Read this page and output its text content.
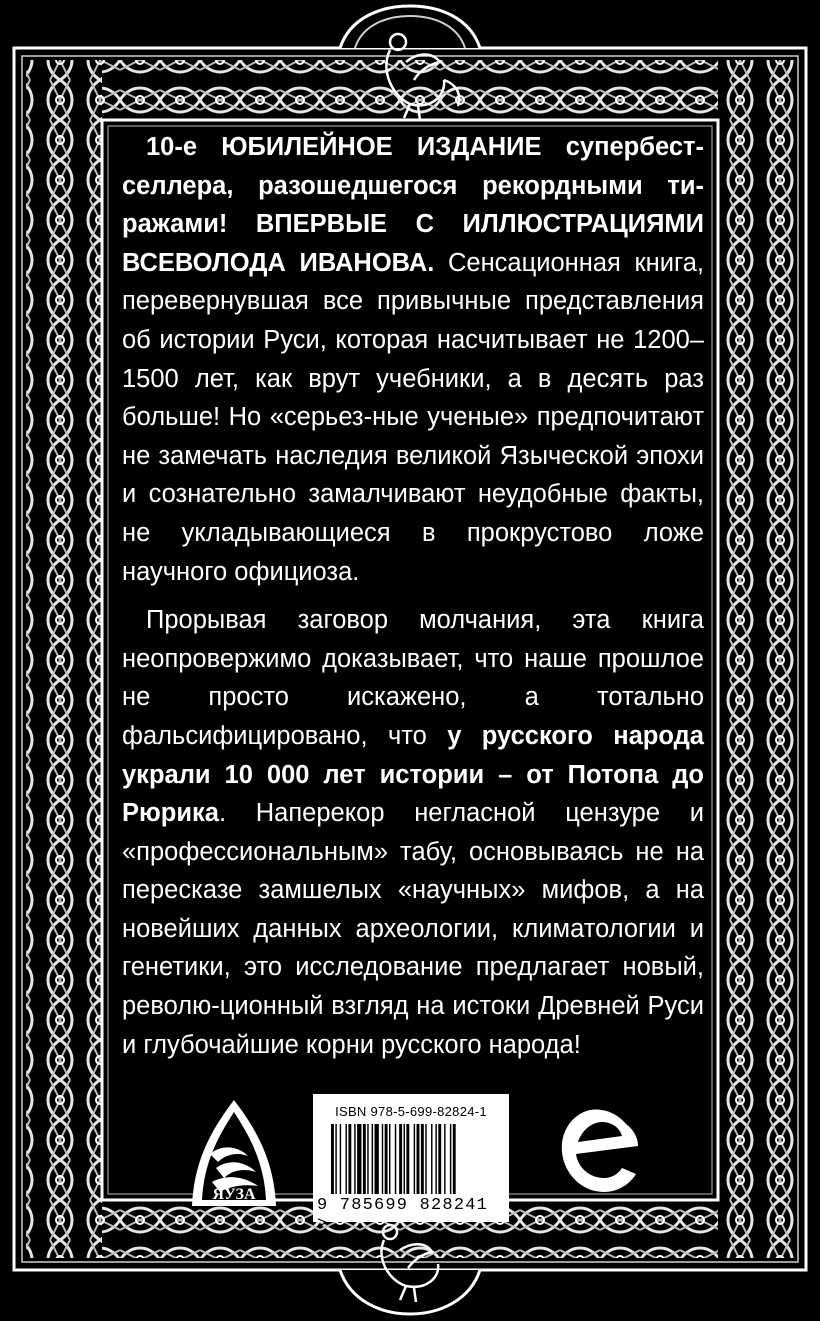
10-е ЮБИЛЕЙНОЕ ИЗДАНИЕ супербест-селлера, разошедшегося рекордными ти-ражами! ВПЕРВЫЕ С ИЛЛЮСТРАЦИЯМИ ВСЕВОЛОДА ИВАНОВА. Сенсационная книга, перевернувшая все привычные представления об истории Руси, которая насчитывает не 1200–1500 лет, как врут учебники, а в десять раз больше! Но «серьез-ные ученые» предпочитают не замечать наследия великой Языческой эпохи и сознательно замалчивают неудобные факты, не укладывающиеся в прокрустово ложе научного официоза.

Прорывая заговор молчания, эта книга неопровержимо доказывает, что наше прошлое не просто искажено, а тотально фальсифицировано, что у русского народа украли 10 000 лет истории – от Потопа до Рюрика. Наперекор негласной цензуре и «профессиональным» табу, основываясь не на пересказе замшелых «научных» мифов, а на новейших данных археологии, климатологии и генетики, это исследование предлагает новый, револю-ционный взгляд на истоки Древней Руси и глубочайшие корни русского народа!

ЯУЗА
ISBN 978-5-699-82824-1
9 785699 828241 >
